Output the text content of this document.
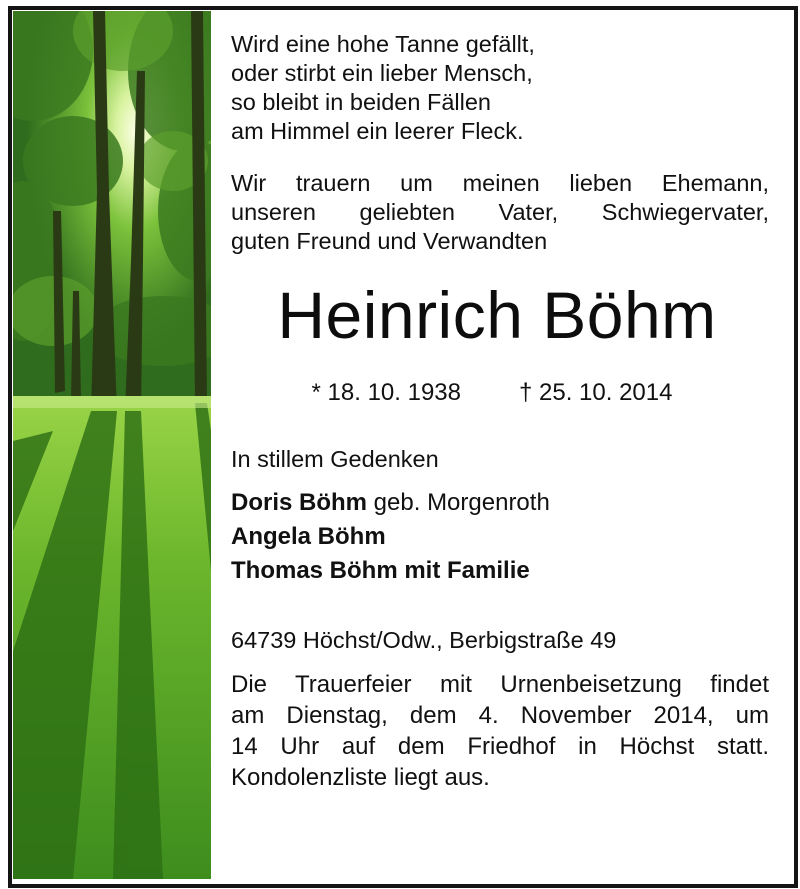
Wird eine hohe Tanne gefällt,
oder stirbt ein lieber Mensch,
so bleibt in beiden Fällen
am Himmel ein leerer Fleck.
Wir trauern um meinen lieben Ehemann,
unseren geliebten Vater, Schwiegervater,
guten Freund und Verwandten
Heinrich Böhm
* 18. 10. 1938 † 25. 10. 2014
In stillem Gedenken
Doris Böhm geb. Morgenroth
Angela Böhm
Thomas Böhm mit Familie
64739 Höchst/Odw., Berbigstraße 49
Die Trauerfeier mit Urnenbeisetzung findet
am Dienstag, dem 4. November 2014, um
14 Uhr auf dem Friedhof in Höchst statt.
Kondolenzliste liegt aus.
